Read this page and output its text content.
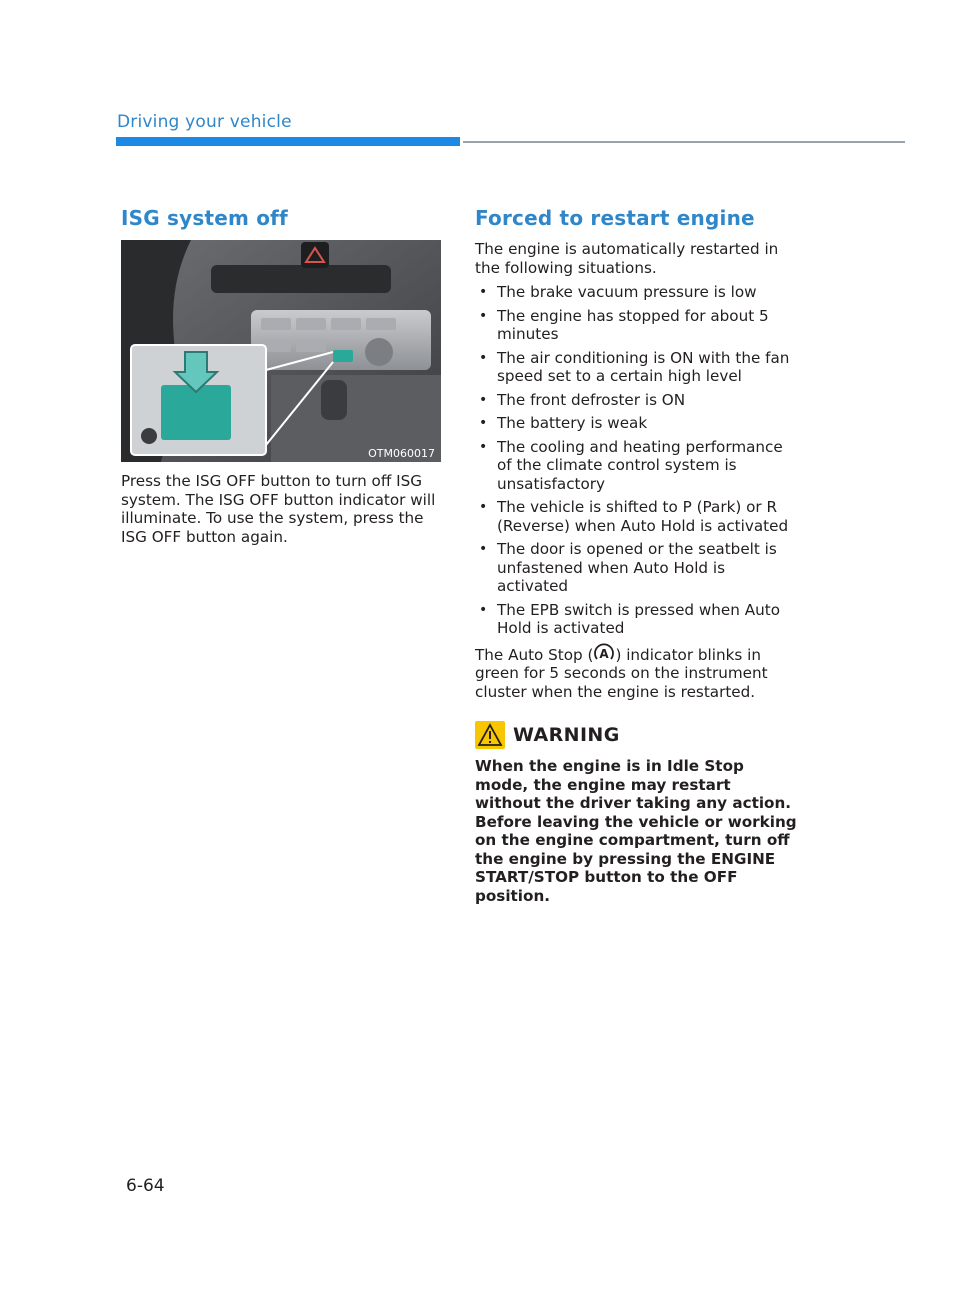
Driving your vehicle
ISG system off
OTM060017

Press the ISG OFF button to turn off ISG system. The ISG OFF button indicator will illuminate. To use the system, press the ISG OFF button again.

Forced to restart engine

The engine is automatically restarted in the following situations.

• The brake vacuum pressure is low
• The engine has stopped for about 5 minutes
• The air conditioning is ON with the fan speed set to a certain high level
• The front defroster is ON
• The battery is weak
• The cooling and heating performance of the climate control system is unsatisfactory
• The vehicle is shifted to P (Park) or R (Reverse) when Auto Hold is activated
• The door is opened or the seatbelt is unfastened when Auto Hold is activated
• The EPB switch is pressed when Auto Hold is activated

The Auto Stop ( A ) indicator blinks in green for 5 seconds on the instrument cluster when the engine is restarted.

WARNING

When the engine is in Idle Stop mode, the engine may restart without the driver taking any action. Before leaving the vehicle or working on the engine compartment, turn off the engine by pressing the ENGINE START/STOP button to the OFF position.

6-64
